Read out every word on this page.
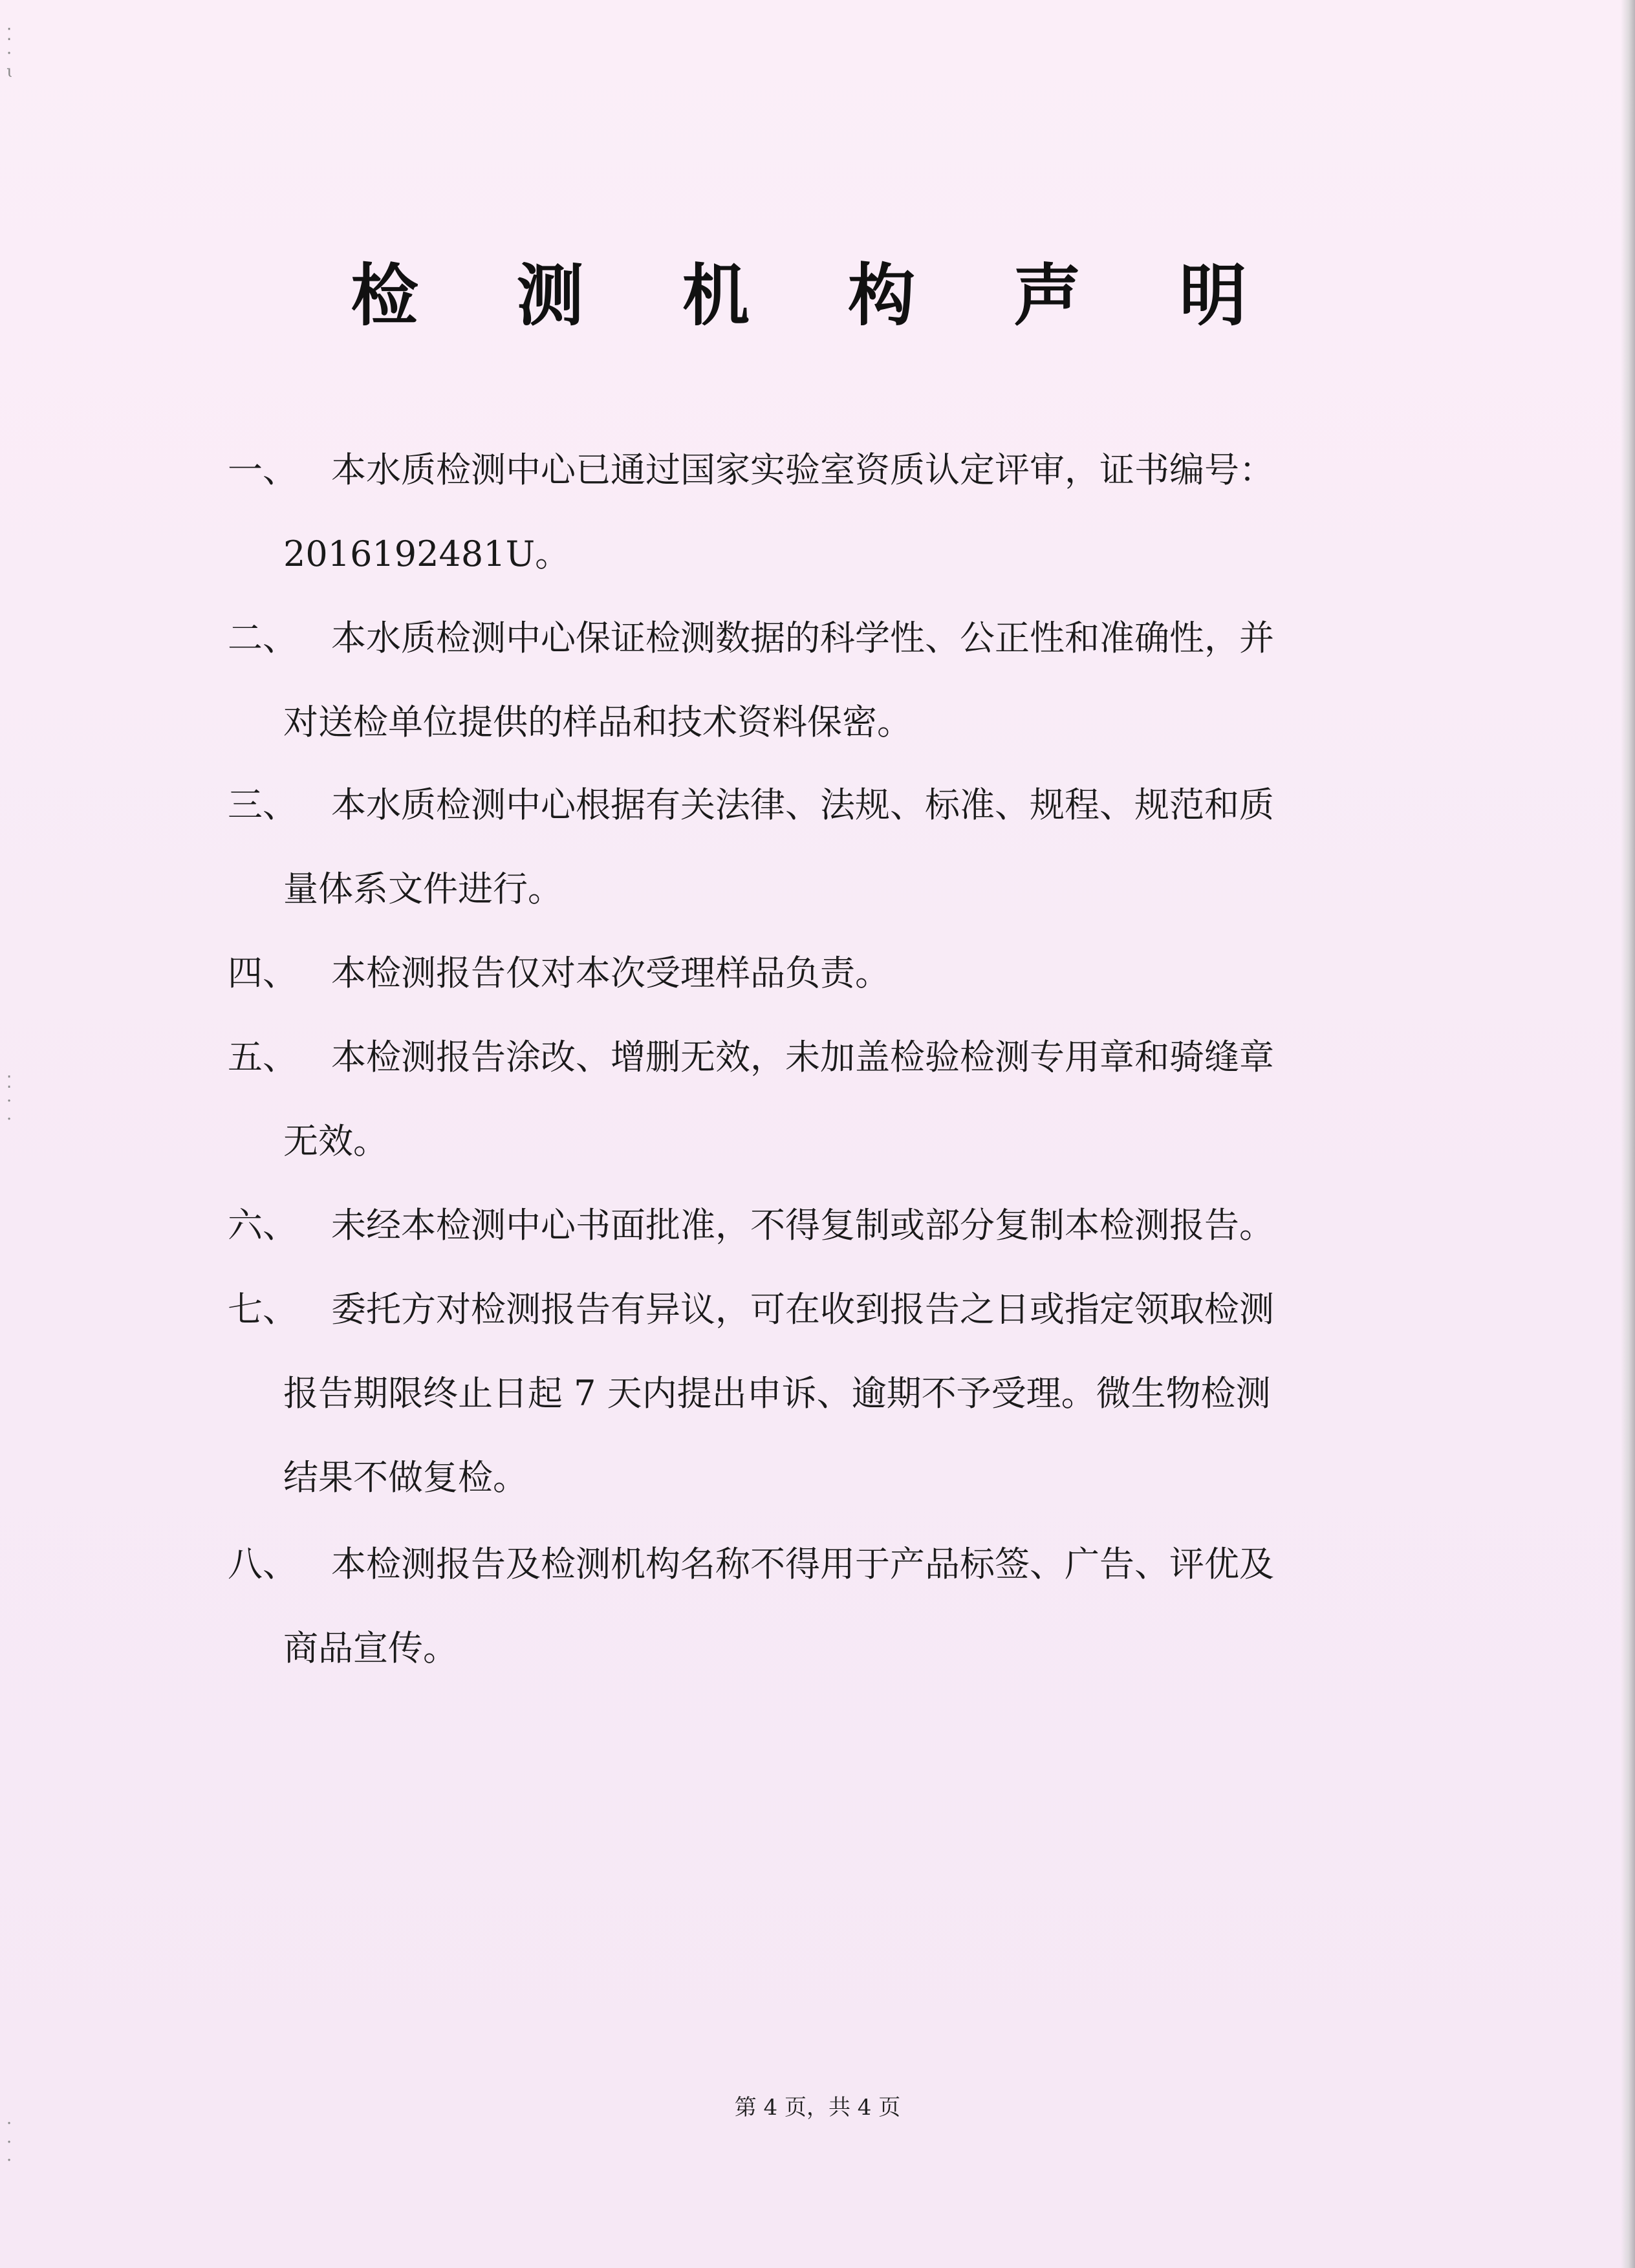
⁚
·
ɩ
⁚
·
·
·
·
·
检 测 机 构 声 明
一、 本水质检测中心已通过国家实验室资质认定评审，证书编号：
2016192481U。
二、 本水质检测中心保证检测数据的科学性、公正性和准确性，并
对送检单位提供的样品和技术资料保密。
三、 本水质检测中心根据有关法律、法规、标准、规程、规范和质
量体系文件进行。
四、 本检测报告仅对本次受理样品负责。
五、 本检测报告涂改、增删无效，未加盖检验检测专用章和骑缝章
无效。
六、 未经本检测中心书面批准，不得复制或部分复制本检测报告。
七、 委托方对检测报告有异议，可在收到报告之日或指定领取检测
报告期限终止日起 7 天内提出申诉、逾期不予受理。微生物检测
结果不做复检。
八、 本检测报告及检测机构名称不得用于产品标签、广告、评优及
商品宣传。
第 4 页，共 4 页
